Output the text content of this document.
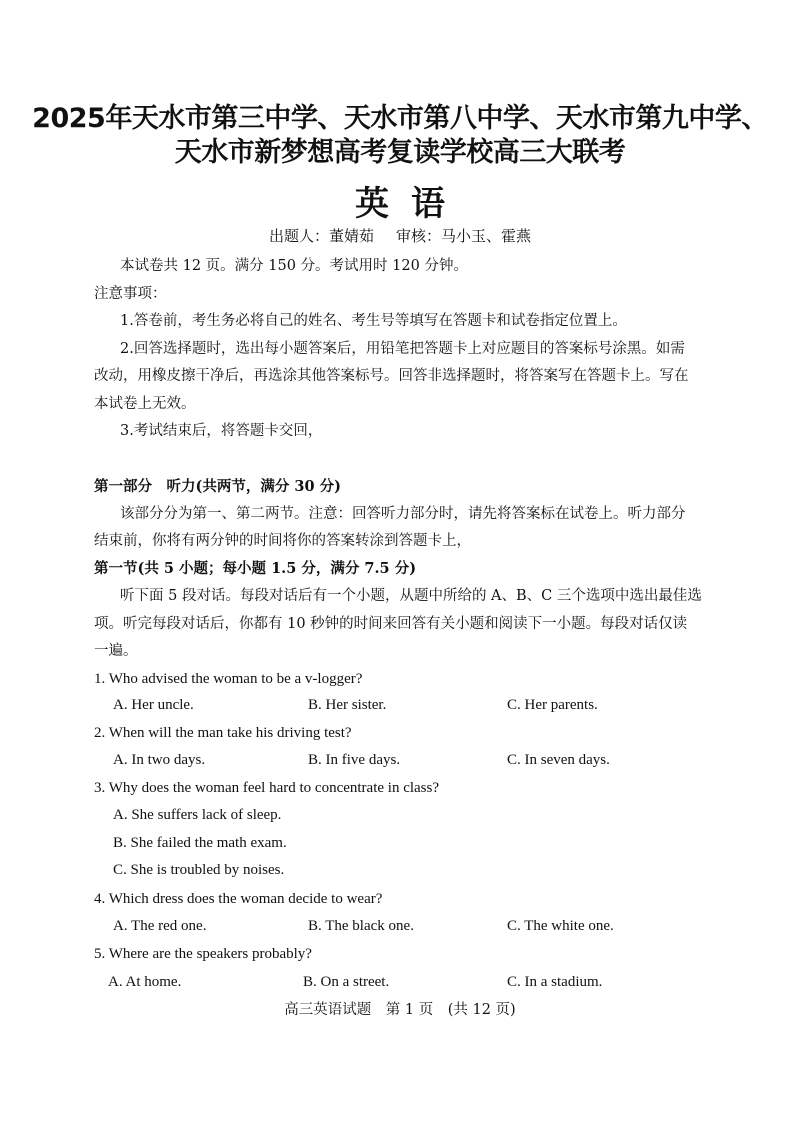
2025年天水市第三中学、天水市第八中学、天水市第九中学、
天水市新梦想高考复读学校高三大联考
英语
出题人：董婧茹 审核：马小玉、霍燕
本试卷共 12 页。满分 150 分。考试用时 120 分钟。
注意事项：
1.答卷前，考生务必将自己的姓名、考生号等填写在答题卡和试卷指定位置上。
2.回答选择题时，选出每小题答案后，用铅笔把答题卡上对应题目的答案标号涂黑。如需
改动，用橡皮擦干净后，再选涂其他答案标号。回答非选择题时，将答案写在答题卡上。写在
本试卷上无效。
3.考试结束后，将答题卡交回，
第一部分　听力(共两节，满分 30 分)
该部分分为第一、第二两节。注意：回答听力部分时，请先将答案标在试卷上。听力部分
结束前，你将有两分钟的时间将你的答案转涂到答题卡上，
第一节(共 5 小题；每小题 1.5 分，满分 7.5 分)
听下面 5 段对话。每段对话后有一个小题，从题中所给的 A、B、C 三个选项中选出最佳选
项。听完每段对话后，你都有 10 秒钟的时间来回答有关小题和阅读下一小题。每段对话仅读
一遍。
1. Who advised the woman to be a v-logger?
A. Her uncle.	B. Her sister.	C. Her parents.
2. When will the man take his driving test?
A. In two days.	B. In five days.	C. In seven days.
3. Why does the woman feel hard to concentrate in class?
A. She suffers lack of sleep.
B. She failed the math exam.
C. She is troubled by noises.
4. Which dress does the woman decide to wear?
A. The red one.	B. The black one.	C. The white one.
5. Where are the speakers probably?
A. At home.	B. On a street.	C. In a stadium.
高三英语试题　第 1 页　(共 12 页)
